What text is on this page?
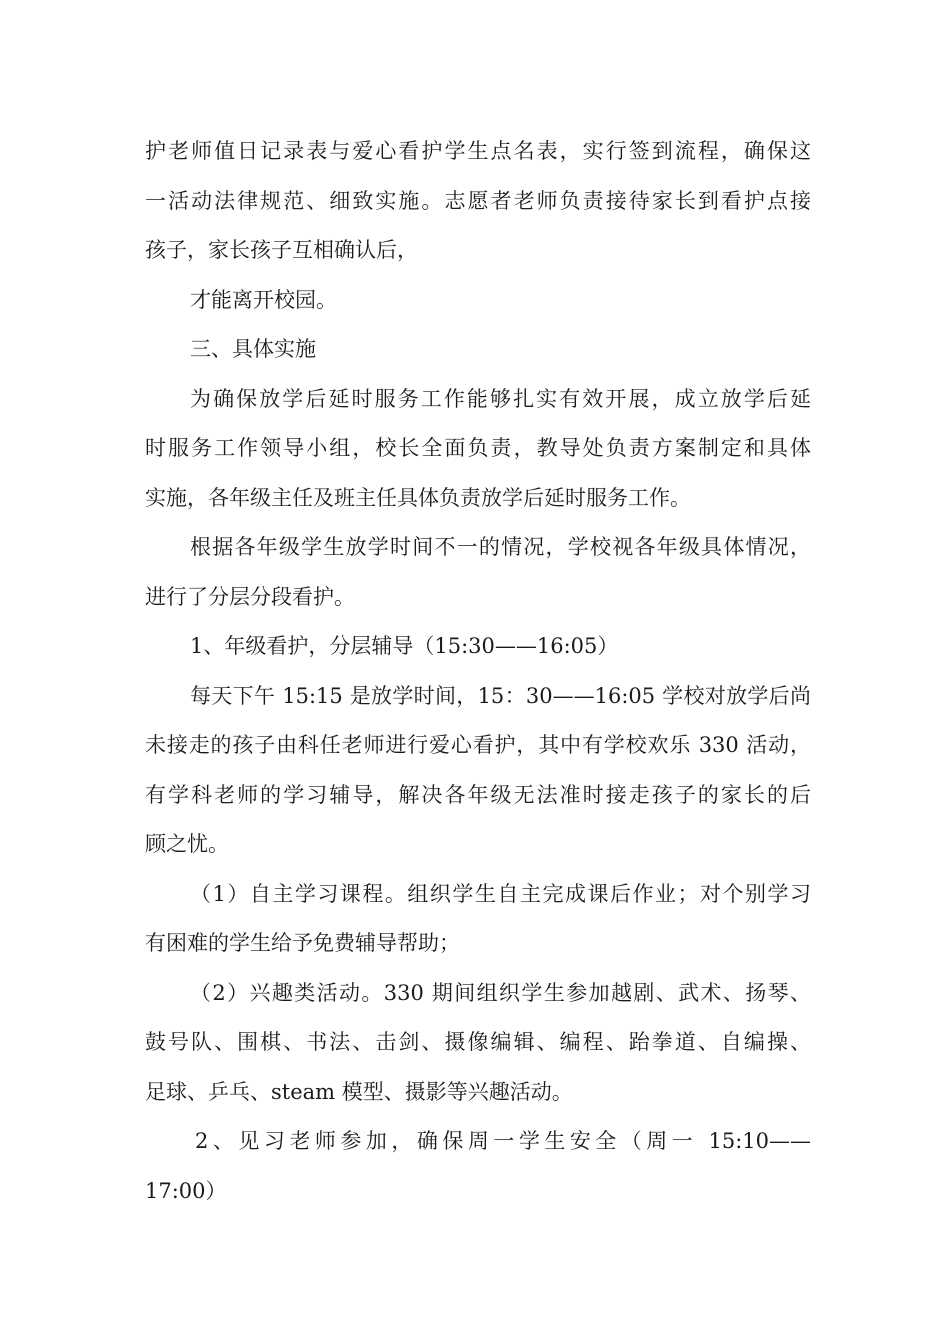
护老师值日记录表与爱心看护学生点名表，实行签到流程，确保这
一活动法律规范、细致实施。志愿者老师负责接待家长到看护点接
孩子，家长孩子互相确认后，
才能离开校园。
三、具体实施
为确保放学后延时服务工作能够扎实有效开展，成立放学后延
时服务工作领导小组，校长全面负责，教导处负责方案制定和具体
实施，各年级主任及班主任具体负责放学后延时服务工作。
根据各年级学生放学时间不一的情况，学校视各年级具体情况，
进行了分层分段看护。
1、年级看护，分层辅导（15:30——16:05）
每天下午 15:15 是放学时间，15：30——16:05 学校对放学后尚
未接走的孩子由科任老师进行爱心看护，其中有学校欢乐 330 活动，
有学科老师的学习辅导，解决各年级无法准时接走孩子的家长的后
顾之忧。
（1）自主学习课程。组织学生自主完成课后作业；对个别学习
有困难的学生给予免费辅导帮助；
（2）兴趣类活动。330 期间组织学生参加越剧、武术、扬琴、
鼓号队、围棋、书法、击剑、摄像编辑、编程、跆拳道、自编操、
足球、乒乓、steam 模型、摄影等兴趣活动。
2、见习老师参加，确保周一学生安全（周一 15:10——
17:00）
